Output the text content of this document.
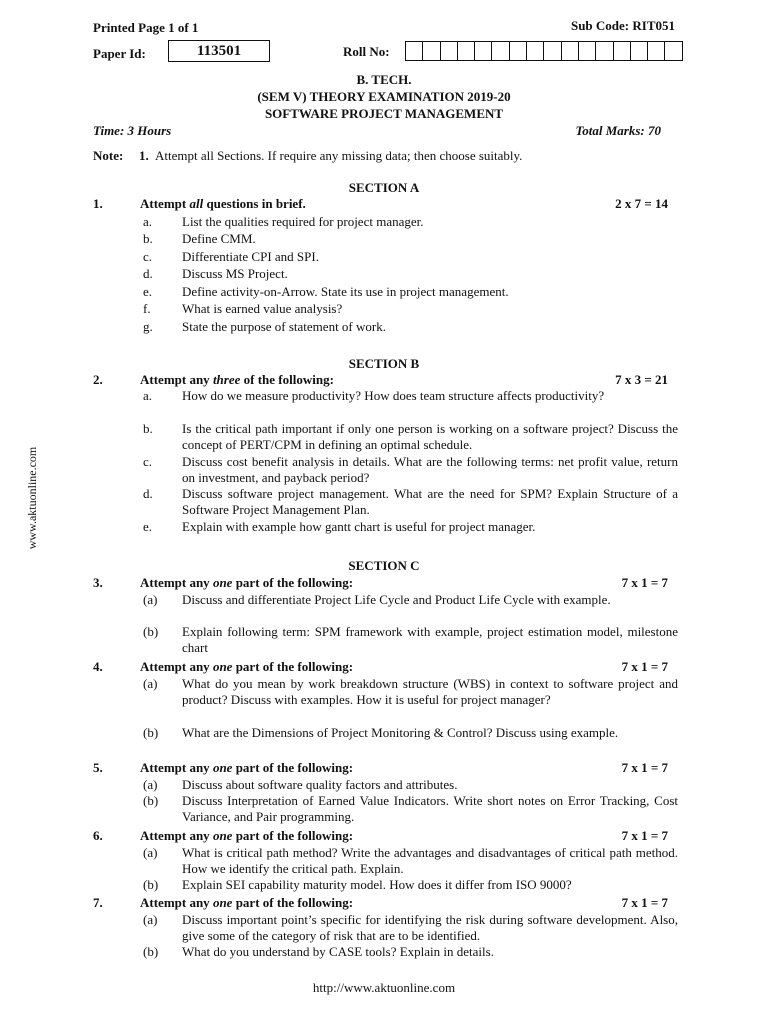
Printed Page 1 of 1	Sub Code: RIT051
Paper Id:	113501	Roll No:
B. TECH.
(SEM V) THEORY EXAMINATION 2019-20
SOFTWARE PROJECT MANAGEMENT
Time: 3 Hours	Total Marks: 70
Note: 1. Attempt all Sections. If require any missing data; then choose suitably.
www.aktuonline.com
SECTION A
1.	Attempt all questions in brief.	2 x 7 = 14
a. List the qualities required for project manager.
b. Define CMM.
c. Differentiate CPI and SPI.
d. Discuss MS Project.
e. Define activity-on-Arrow. State its use in project management.
f. What is earned value analysis?
g. State the purpose of statement of work.
SECTION B
2.	Attempt any three of the following:	7 x 3 = 21
a. How do we measure productivity? How does team structure affects productivity?
b. Is the critical path important if only one person is working on a software project? Discuss the concept of PERT/CPM in defining an optimal schedule.
c. Discuss cost benefit analysis in details. What are the following terms: net profit value, return on investment, and payback period?
d. Discuss software project management. What are the need for SPM? Explain Structure of a Software Project Management Plan.
e. Explain with example how gantt chart is useful for project manager.
SECTION C
3.	Attempt any one part of the following:	7 x 1 = 7
(a) Discuss and differentiate Project Life Cycle and Product Life Cycle with example.
(b) Explain following term: SPM framework with example, project estimation model, milestone chart
4.	Attempt any one part of the following:	7 x 1 = 7
(a) What do you mean by work breakdown structure (WBS) in context to software project and product? Discuss with examples. How it is useful for project manager?
(b) What are the Dimensions of Project Monitoring & Control? Discuss using example.
5.	Attempt any one part of the following:	7 x 1 = 7
(a) Discuss about software quality factors and attributes.
(b) Discuss Interpretation of Earned Value Indicators. Write short notes on Error Tracking, Cost Variance, and Pair programming.
6.	Attempt any one part of the following:	7 x 1 = 7
(a) What is critical path method? Write the advantages and disadvantages of critical path method. How we identify the critical path. Explain.
(b) Explain SEI capability maturity model. How does it differ from ISO 9000?
7.	Attempt any one part of the following:	7 x 1 = 7
(a) Discuss important point’s specific for identifying the risk during software development. Also, give some of the category of risk that are to be identified.
(b) What do you understand by CASE tools? Explain in details.
http://www.aktuonline.com
